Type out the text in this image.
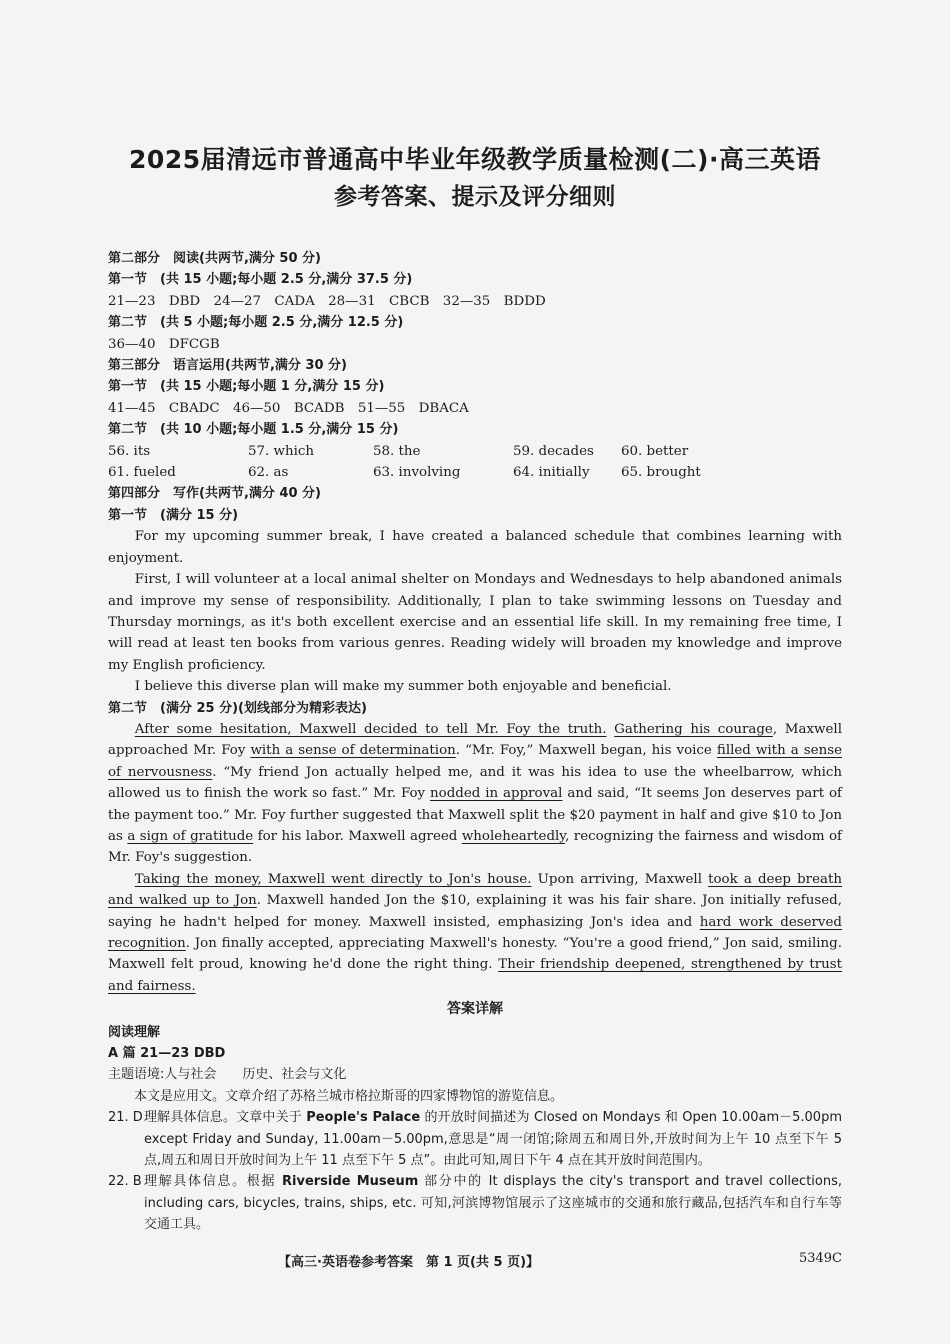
2025届清远市普通高中毕业年级教学质量检测(二)·高三英语
参考答案、提示及评分细则
第二部分　阅读(共两节,满分 50 分)
第一节　(共 15 小题;每小题 2.5 分,满分 37.5 分)
21—23　DBD　24—27　CADA　28—31　CBCB　32—35　BDDD
第二节　(共 5 小题;每小题 2.5 分,满分 12.5 分)
36—40　DFCGB
第三部分　语言运用(共两节,满分 30 分)
第一节　(共 15 小题;每小题 1 分,满分 15 分)
41—45　CBADC　46—50　BCADB　51—55　DBACA
第二节　(共 10 小题;每小题 1.5 分,满分 15 分)
56. its	57. which	58. the	59. decades	60. better
61. fueled	62. as	63. involving	64. initially	65. brought
第四部分　写作(共两节,满分 40 分)
第一节　(满分 15 分)

For my upcoming summer break, I have created a balanced schedule that combines learning with enjoyment.

First, I will volunteer at a local animal shelter on Mondays and Wednesdays to help abandoned animals and improve my sense of responsibility. Additionally, I plan to take swimming lessons on Tuesday and Thursday mornings, as it's both excellent exercise and an essential life skill. In my remaining free time, I will read at least ten books from various genres. Reading widely will broaden my knowledge and improve my English proficiency.

I believe this diverse plan will make my summer both enjoyable and beneficial.

第二节　(满分 25 分)(划线部分为精彩表达)

After some hesitation, Maxwell decided to tell Mr. Foy the truth. Gathering his courage, Maxwell approached Mr. Foy with a sense of determination. “Mr. Foy,” Maxwell began, his voice filled with a sense of nervousness. “My friend Jon actually helped me, and it was his idea to use the wheelbarrow, which allowed us to finish the work so fast.” Mr. Foy nodded in approval and said, “It seems Jon deserves part of the payment too.” Mr. Foy further suggested that Maxwell split the $20 payment in half and give $10 to Jon as a sign of gratitude for his labor. Maxwell agreed wholeheartedly, recognizing the fairness and wisdom of Mr. Foy's suggestion.

Taking the money, Maxwell went directly to Jon's house. Upon arriving, Maxwell took a deep breath and walked up to Jon. Maxwell handed Jon the $10, explaining it was his fair share. Jon initially refused, saying he hadn't helped for money. Maxwell insisted, emphasizing Jon's idea and hard work deserved recognition. Jon finally accepted, appreciating Maxwell's honesty. “You're a good friend,” Jon said, smiling. Maxwell felt proud, knowing he'd done the right thing. Their friendship deepened, strengthened by trust and fairness.

答案详解
阅读理解
A 篇 21—23 DBD
主题语境:人与社会　　历史、社会与文化
本文是应用文。文章介绍了苏格兰城市格拉斯哥的四家博物馆的游览信息。
21. D 理解具体信息。文章中关于 People's Palace 的开放时间描述为 Closed on Mondays 和 Open 10.00am－5.00pm except Friday and Sunday, 11.00am－5.00pm,意思是“周一闭馆;除周五和周日外,开放时间为上午 10 点至下午 5 点,周五和周日开放时间为上午 11 点至下午 5 点”。由此可知,周日下午 4 点在其开放时间范围内。
22. B 理解具体信息。根据 Riverside Museum 部分中的 It displays the city's transport and travel collections, including cars, bicycles, trains, ships, etc. 可知,河滨博物馆展示了这座城市的交通和旅行藏品,包括汽车和自行车等交通工具。
【高三·英语卷参考答案　第 1 页(共 5 页)】	5349C
